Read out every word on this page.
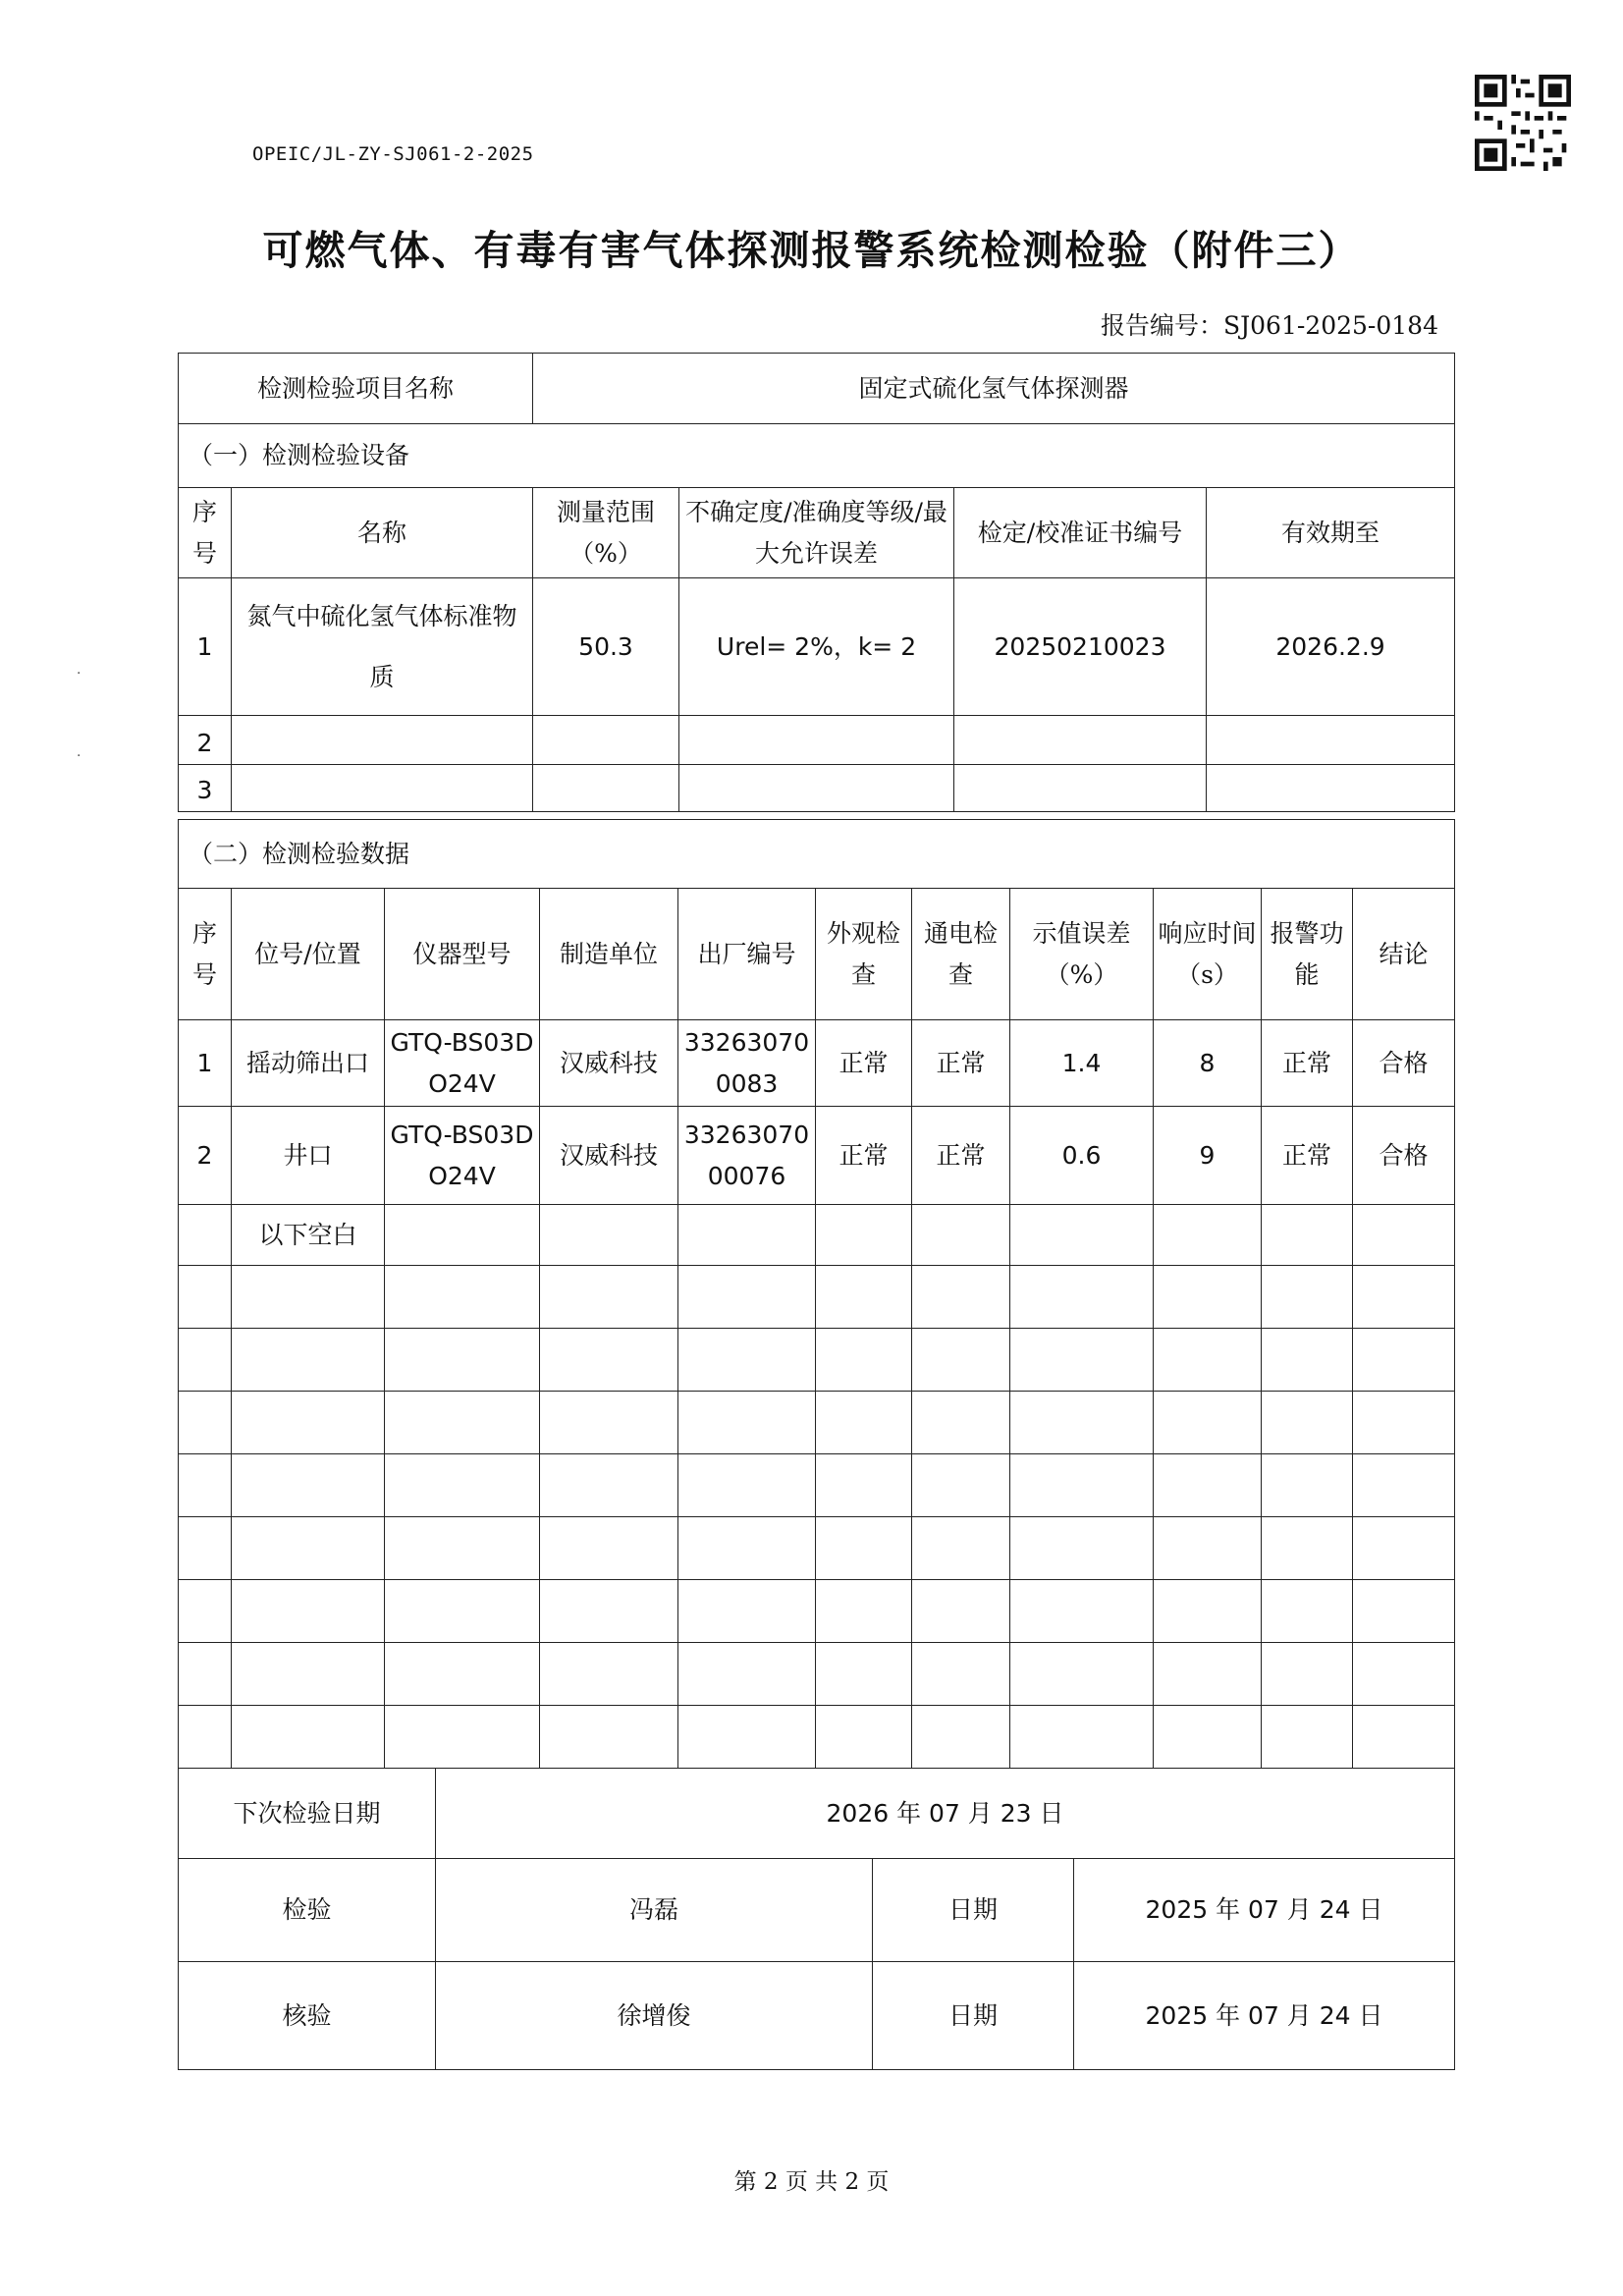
OPEIC/JL-ZY-SJ061-2-2025
可燃气体、有毒有害气体探测报警系统检测检验（附件三）
报告编号：SJ061-2025-0184
·
·
检测检验项目名称		固定式硫化氢气体探测器			
（一）检测检验设备					
序号	名称	测量范围（%）	不确定度/准确度等级/最大允许误差	检定/校准证书编号	有效期至
1	氮气中硫化氢气体标准物质	50.3	Urel= 2%，k= 2	20250210023	2026.2.9
2					
3					
（二）检测检验数据										
序号	位号/位置	仪器型号	制造单位	出厂编号	外观检查	通电检查	示值误差（%）	响应时间（s）	报警功能	结论
1	摇动筛出口	GTQ-BS03DO24V	汉威科技	332630700083	正常	正常	1.4	8	正常	合格
2	井口	GTQ-BS03DO24V	汉威科技	3326307000076	正常	正常	0.6	9	正常	合格
	以下空白									

下次检验日期	2026 年 07 月 23 日		
检验	冯磊	日期	2025 年 07 月 24 日
核验	徐增俊	日期	2025 年 07 月 24 日
第 2 页 共 2 页
